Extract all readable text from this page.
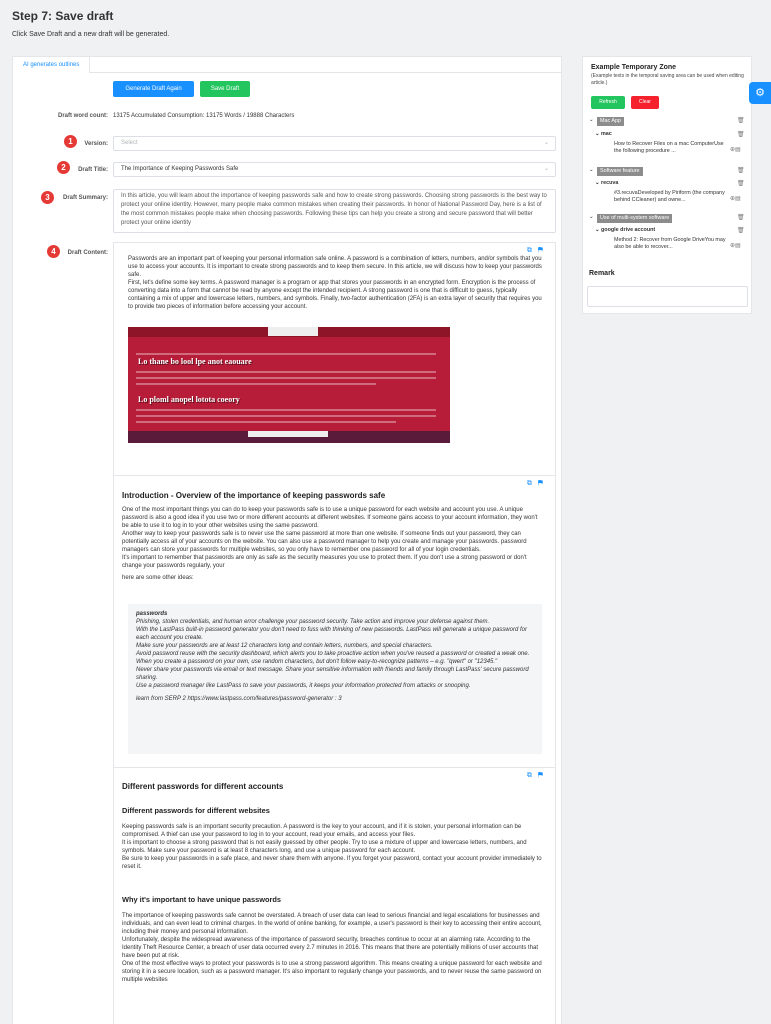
Step 7: Save draft
Click Save Draft and a new draft will be generated.
AI generates outlines
Generate Draft Again	Save Draft
Draft word count: 13175 Accumulated Consumption: 13175 Words / 19888 Characters
1	Version:	Select	⌄
2	Draft Title:	The Importance of Keeping Passwords Safe	⌄
3	Draft Summary:	In this article, you will learn about the importance of keeping passwords safe and how to create strong passwords. Choosing strong passwords is the best way to protect your online identity. However, many people make common mistakes when creating their passwords. In honor of National Password Day, here is a list of the most common mistakes people make when choosing passwords. Following these tips can help you create a strong and secure password that will better protect your online identity
4	Draft Content:	⧉⚑

Passwords are an important part of keeping your personal information safe online. A password is a combination of letters, numbers, and/or symbols that you use to access your accounts. It is important to create strong passwords and to keep them secure. In this article, we will discuss how to keep your passwords safe.

First, let's define some key terms. A password manager is a program or app that stores your passwords in an encrypted form. Encryption is the process of converting data into a form that cannot be read by anyone except the intended recipient. A strong password is one that is difficult to guess, typically containing a mix of upper and lowercase letters, numbers, and symbols. Finally, two-factor authentication (2FA) is an extra layer of security that requires you to provide two pieces of information before accessing your account.

Lo thane bo lool lpe anot eaouare
Lo ploml anopel lotota coeory
⧉⚑
Introduction - Overview of the importance of keeping passwords safe

One of the most important things you can do to keep your passwords safe is to use a unique password for each website and account you use. A unique password is also a good idea if you use two or more different accounts at different websites. If someone gains access to your account information, they won't be able to use it to log in to your other websites using the same password.

Another way to keep your passwords safe is to never use the same password at more than one website. If someone finds out your password, they can potentially access all of your accounts on the website. You can also use a password manager to help you create and manage your passwords. password managers can store your passwords for multiple websites, so you only have to remember one password for all of your login credentials.

It's important to remember that passwords are only as safe as the security measures you use to protect them. If you don't use a strong password or don't change your passwords regularly, your

here are some other ideas:

passwords

Phishing, stolen credentials, and human error challenge your password security. Take action and improve your defense against them.

With the LastPass built-in password generator you don't need to fuss with thinking of new passwords. LastPass will generate a unique password for each account you create.

Make sure your passwords are at least 12 characters long and contain letters, numbers, and special characters.

Avoid password reuse with the security dashboard, which alerts you to take proactive action when you've reused a password or created a weak one.

When you create a password on your own, use random characters, but don't follow easy-to-recognize patterns – e.g. "qwert" or "12345."

Never share your passwords via email or text message. Share your sensitive information with friends and family through LastPass' secure password sharing.

Use a password manager like LastPass to save your passwords, it keeps your information protected from attacks or snooping.

learn from SERP 2 https://www.lastpass.com/features/password-generator : 3

⧉⚑
Different passwords for different accounts
Different passwords for different websites

Keeping passwords safe is an important security precaution. A password is the key to your account, and if it is stolen, your personal information can be compromised. A thief can use your password to log in to your account, read your emails, and access your files.

It is important to choose a strong password that is not easily guessed by other people. Try to use a mixture of upper and lowercase letters, numbers, and symbols. Make sure your password is at least 8 characters long, and use a unique password for each account.

Be sure to keep your passwords in a safe place, and never share them with anyone. If you forget your password, contact your account provider immediately to reset it.

Why it's important to have unique passwords

The importance of keeping passwords safe cannot be overstated. A breach of user data can lead to serious financial and legal escalations for businesses and individuals, and can even lead to criminal charges. In the world of online banking, for example, a user's password is their key to accessing their entire account, including their money and personal information.

Unfortunately, despite the widespread awareness of the importance of password security, breaches continue to occur at an alarming rate. According to the Identity Theft Resource Center, a breach of user data occurred every 2.7 minutes in 2016. This means that there are potentially millions of user accounts that have been put at risk.

One of the most effective ways to protect your passwords is to use a strong password algorithm. This means creating a unique password for each website and storing it in a secure location, such as a password manager. It's also important to regularly change your passwords, and to never reuse the same password on multiple websites

Example Temporary Zone
(Example texts in the temporal saving area can be used when editing article.)
Refresh	Clear
⌄	Mac App	🗑
⌄ mac	🗑
How to Recover Files on a mac ComputerUse the following procedure ...	⊕▤
⌄	Software feature	🗑
⌄ recuva	🗑
#3.recuvaDeveloped by Piriform (the company behind CCleaner) and owne...	⊕▤
⌄	Use of multi-system software	🗑
⌄ google drive account	🗑
Method 2: Recover from Google DriveYou may also be able to recover...	⊕▤
Remark
⚙
